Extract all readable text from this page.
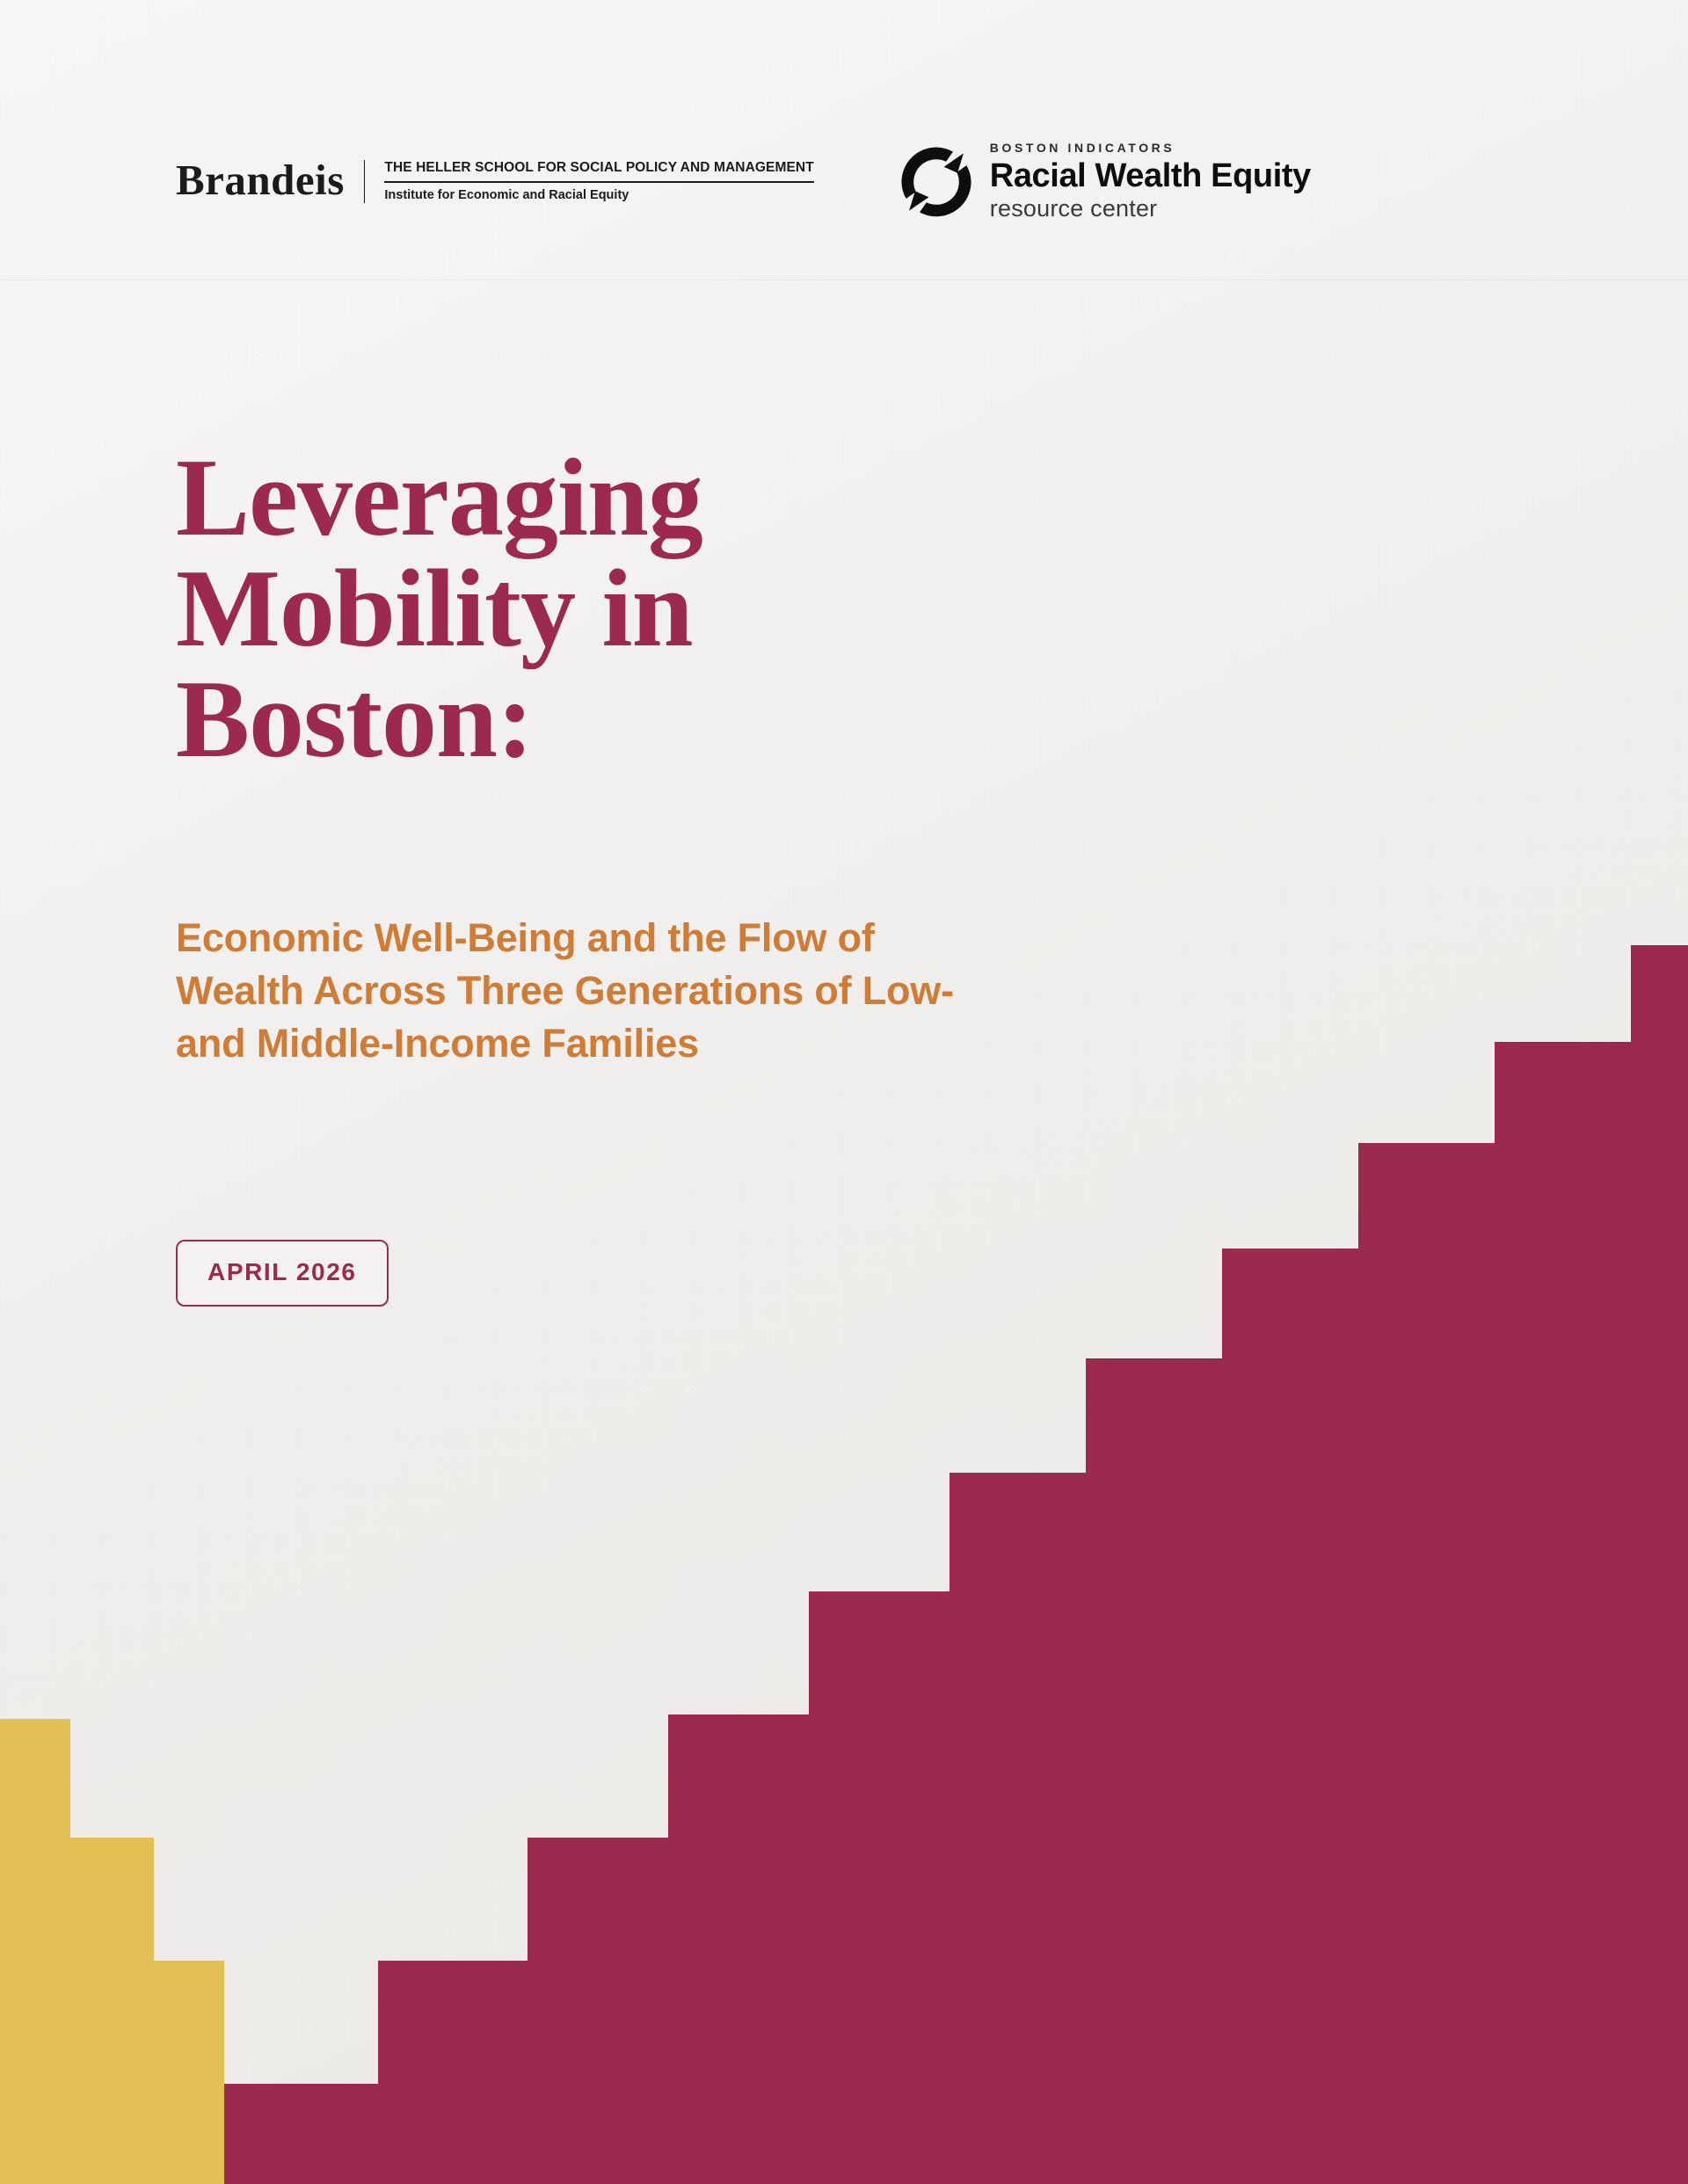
Brandeis	THE HELLER SCHOOL FOR SOCIAL POLICY AND MANAGEMENT
Institute for Economic and Racial Equity
BOSTON INDICATORS
Racial Wealth Equity
resource center
Leveraging Mobility in Boston:
Economic Well-Being and the Flow of Wealth Across Three Generations of Low- and Middle-Income Families
APRIL 2026
